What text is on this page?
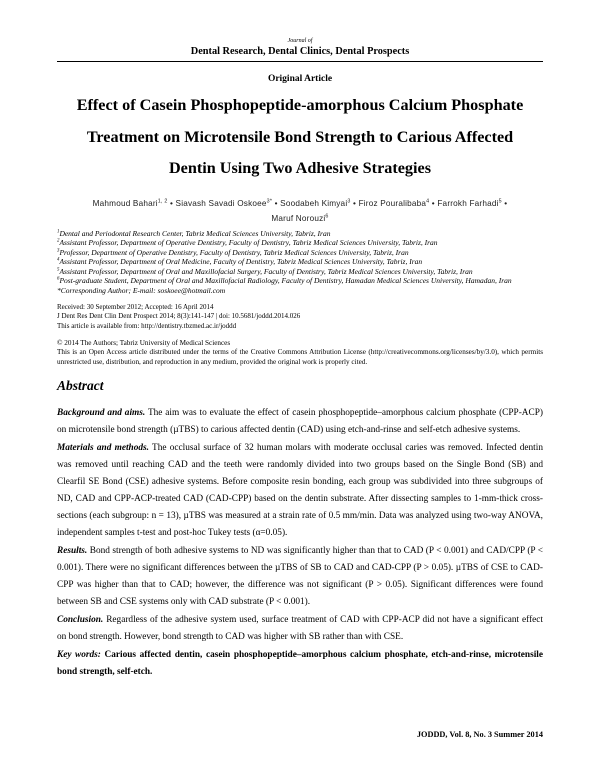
Journal of
Dental Research, Dental Clinics, Dental Prospects
Original Article
Effect of Casein Phosphopeptide-amorphous Calcium Phosphate
Treatment on Microtensile Bond Strength to Carious Affected
Dentin Using Two Adhesive Strategies
Mahmoud Bahari$^{1, 2}$ • Siavash Savadi Oskoee$^{3*}$ • Soodabeh Kimyai$^3$ • Firoz Pouralibaba$^4$ • Farrokh Farhadi$^5$ •
Maruf Norouzi$^6$
$^1$Dental and Periodontal Research Center, Tabriz Medical Sciences University, Tabriz, Iran
$^2$Assistant Professor, Department of Operative Dentistry, Faculty of Dentistry, Tabriz Medical Sciences University, Tabriz, Iran
$^3$Professor, Department of Operative Dentistry, Faculty of Dentistry, Tabriz Medical Sciences University, Tabriz, Iran
$^4$Assistant Professor, Department of Oral Medicine, Faculty of Dentistry, Tabriz Medical Sciences University, Tabriz, Iran
$^5$Assistant Professor, Department of Oral and Maxillofacial Surgery, Faculty of Dentistry, Tabriz Medical Sciences University, Tabriz, Iran
$^6$Post-graduate Student, Department of Oral and Maxillofacial Radiology, Faculty of Dentistry, Hamadan Medical Sciences University, Hamadan, Iran
*Corresponding Author; E-mail: soskoee@hotmail.com
Received: 30 September 2012; Accepted: 16 April 2014
J Dent Res Dent Clin Dent Prospect 2014; 8(3):141-147 | doi: 10.5681/joddd.2014.026
This article is available from: http://dentistry.tbzmed.ac.ir/joddd
© 2014 The Authors; Tabriz University of Medical Sciences
This is an Open Access article distributed under the terms of the Creative Commons Attribution License (http://creativecommons.org/licenses/by/3.0), which permits unrestricted use, distribution, and reproduction in any medium, provided the original work is properly cited.
Abstract

Background and aims. The aim was to evaluate the effect of casein phosphopeptide–amorphous calcium phosphate (CPP-ACP) on microtensile bond strength (µTBS) to carious affected dentin (CAD) using etch-and-rinse and self-etch adhesive systems.

Materials and methods. The occlusal surface of 32 human molars with moderate occlusal caries was removed. Infected dentin was removed until reaching CAD and the teeth were randomly divided into two groups based on the Single Bond (SB) and Clearfil SE Bond (CSE) adhesive systems. Before composite resin bonding, each group was subdivided into three subgroups of ND, CAD and CPP-ACP-treated CAD (CAD-CPP) based on the dentin substrate. After dissecting samples to 1-mm-thick cross-sections (each subgroup: n = 13), µTBS was measured at a strain rate of 0.5 mm/min. Data was analyzed using two-way ANOVA, independent samples t-test and post-hoc Tukey tests (α=0.05).

Results. Bond strength of both adhesive systems to ND was significantly higher than that to CAD (P < 0.001) and CAD/CPP (P < 0.001). There were no significant differences between the µTBS of SB to CAD and CAD-CPP (P > 0.05). µTBS of CSE to CAD-CPP was higher than that to CAD; however, the difference was not significant (P > 0.05). Significant differences were found between SB and CSE systems only with CAD substrate (P < 0.001).

Conclusion. Regardless of the adhesive system used, surface treatment of CAD with CPP-ACP did not have a significant effect on bond strength. However, bond strength to CAD was higher with SB rather than with CSE.

Key words: Carious affected dentin, casein phosphopeptide–amorphous calcium phosphate, etch-and-rinse, microtensile bond strength, self-etch.

JODDD, Vol. 8, No. 3 Summer 2014
